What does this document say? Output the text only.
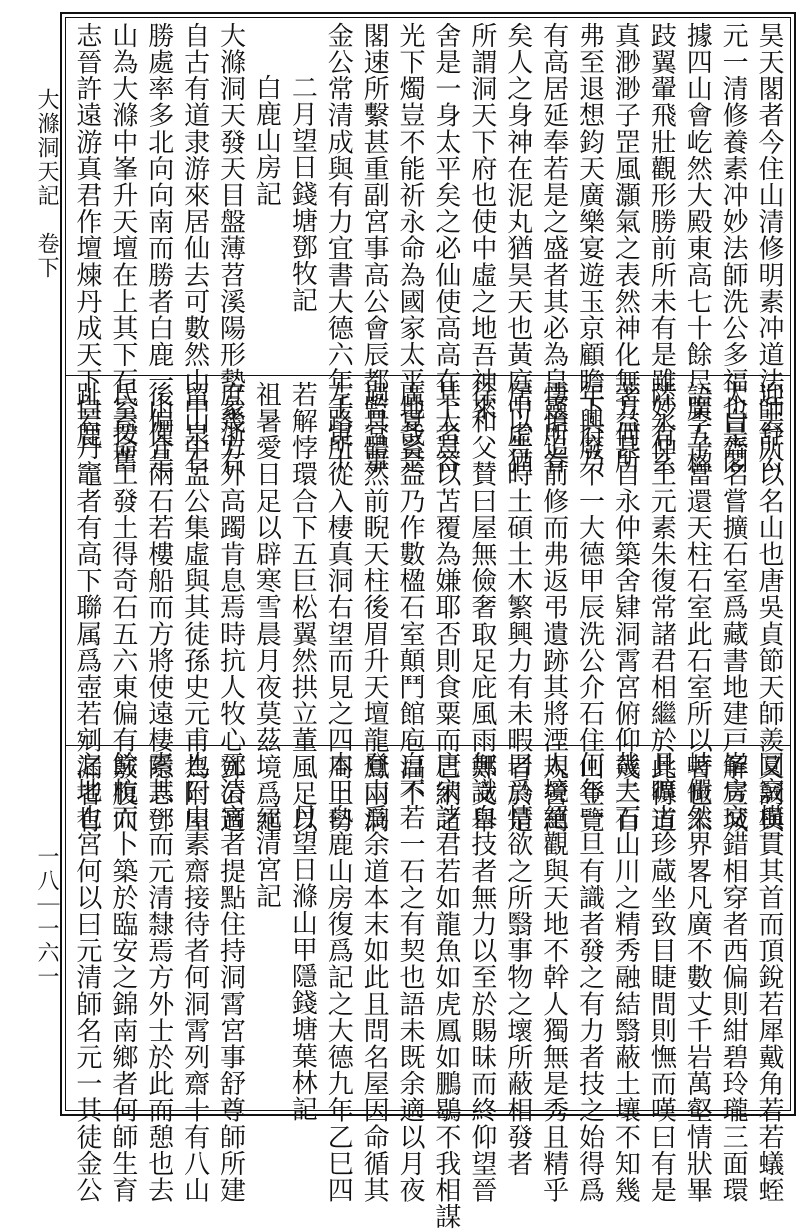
大滌洞天記　卷下
一八｜一六一
昊天閣者今住山清修明素冲道法師舒公
元一清修養素冲妙法師洗公多福也是閣
據四山會屹然大殿東高七十餘尺廣五楹
跂翼翬飛壯觀形勝前所未有是雖妙有玄
真渺渺子罡風灝氣之表然神化無方何所
弗至退想鈞天廣樂宴遊玉京顧瞻下府乃
有高居延奉若是之盛者其必為皇靈所眷
矣人之身神在泥丸猶昊天也黃庭中虛猶
所謂洞天下府也使中虛之地吾神來
舍是一身太平矣之必仙使高高在上者容
光下燭豈不能祈永命為國家太平地哉是
閣速所繫甚重副宮事高公會辰都監宮事
金公常清成與有力宜書大德六年壬寅十
二月望日錢塘鄧牧記
白鹿山房記
大滌洞天發天目盤薄苕溪陽形勢彖浙右
自古有道隶游來居仙去可數然山中泉石
勝處率多北向向南而勝者白鹿一山僅是
山為大滌中峯升天壇在上其下石室按舊
志晉許遠游真君作壇煉丹成天下白鹿
迎去所以名山也唐吳貞節天師羨又詞與
太白齊名嘗擴石室爲藏書地建戸解宣城
語李子當還天柱石室此石室所以著也宋
陸永仲王元素朱復常諸君相繼於此得道
著益甚自永仲築舍肄洞霄宮俯仰幾二百
年興廢不一大德甲辰洗公介石住山登覽
悽愴追前修而弗返弔遺跡其將湮規營萬
居以告時土碩土木繁興力有未暇者於是
徐和父賛曰屋無儉奢取足庇風雨鄭文舉
其人豈以苫覆為嫌耶否則食粟而已納之
廣夏奚益乃作數楹石室顛鬥館庖湢不
過具體然前睨天柱後眉升天壇龍鳳兩洞
左路所從入棲真洞右望而見之四周上勢
若解悖環合下五巨松翼然拱立董風足以
祖暑愛日足以辟寒雪晨月夜莫茲境爲絕
庶幾方外高躅肯息焉時抗人牧心鄧公適
留山中孟公集虛與其徒孫史元甫為附屋
後偏介兩石若樓船而方將使遠棲隱志鄧
氏盍命工發土得奇石五六東偏有竅腹穴
趾若丹竈者有高下聯属爲壺若剜漏者有
圓竅橫貫其首而頂銳若犀戴角若若蟻蛭
峯房交錯相穿者西偏則紺碧玲瓏三面環
峙儼然界畧凡廣不數丈千岩萬壑情狀畢
具曠古珍蔵坐致目睫間則憮而嘆曰有是
哉夫石山川之精秀融結翳蔽土壤不知幾
何年一旦有識者發之有力者技之始得爲
人境絕觀與天地不幹人獨無是秀且精乎
曰爲情欲之所翳事物之壞所蔽相發者
無識自技者無力以至於賜昧而終仰望晉
唐宋諸君若如龍魚如虎鳳如鵬鶡不我相謀
自不若一石之有契也語未既余適以月夜
登山爲余道本末如此且問名屋因命循其
本曰白鹿山房復爲記之大德九年乙巳四
月望日滌山甲隱錢塘葉林記
元清宮記
元清宮者提點住持洞霄宮事舒尊師所建
也曰山素齋接待者何洞霄列齋十有八山
素其一而元清隸焉方外士於此而憩也去
餘杭而卜築於臨安之錦南鄉者何師生育
之地也宮何以曰元清師名元一其徒金公
